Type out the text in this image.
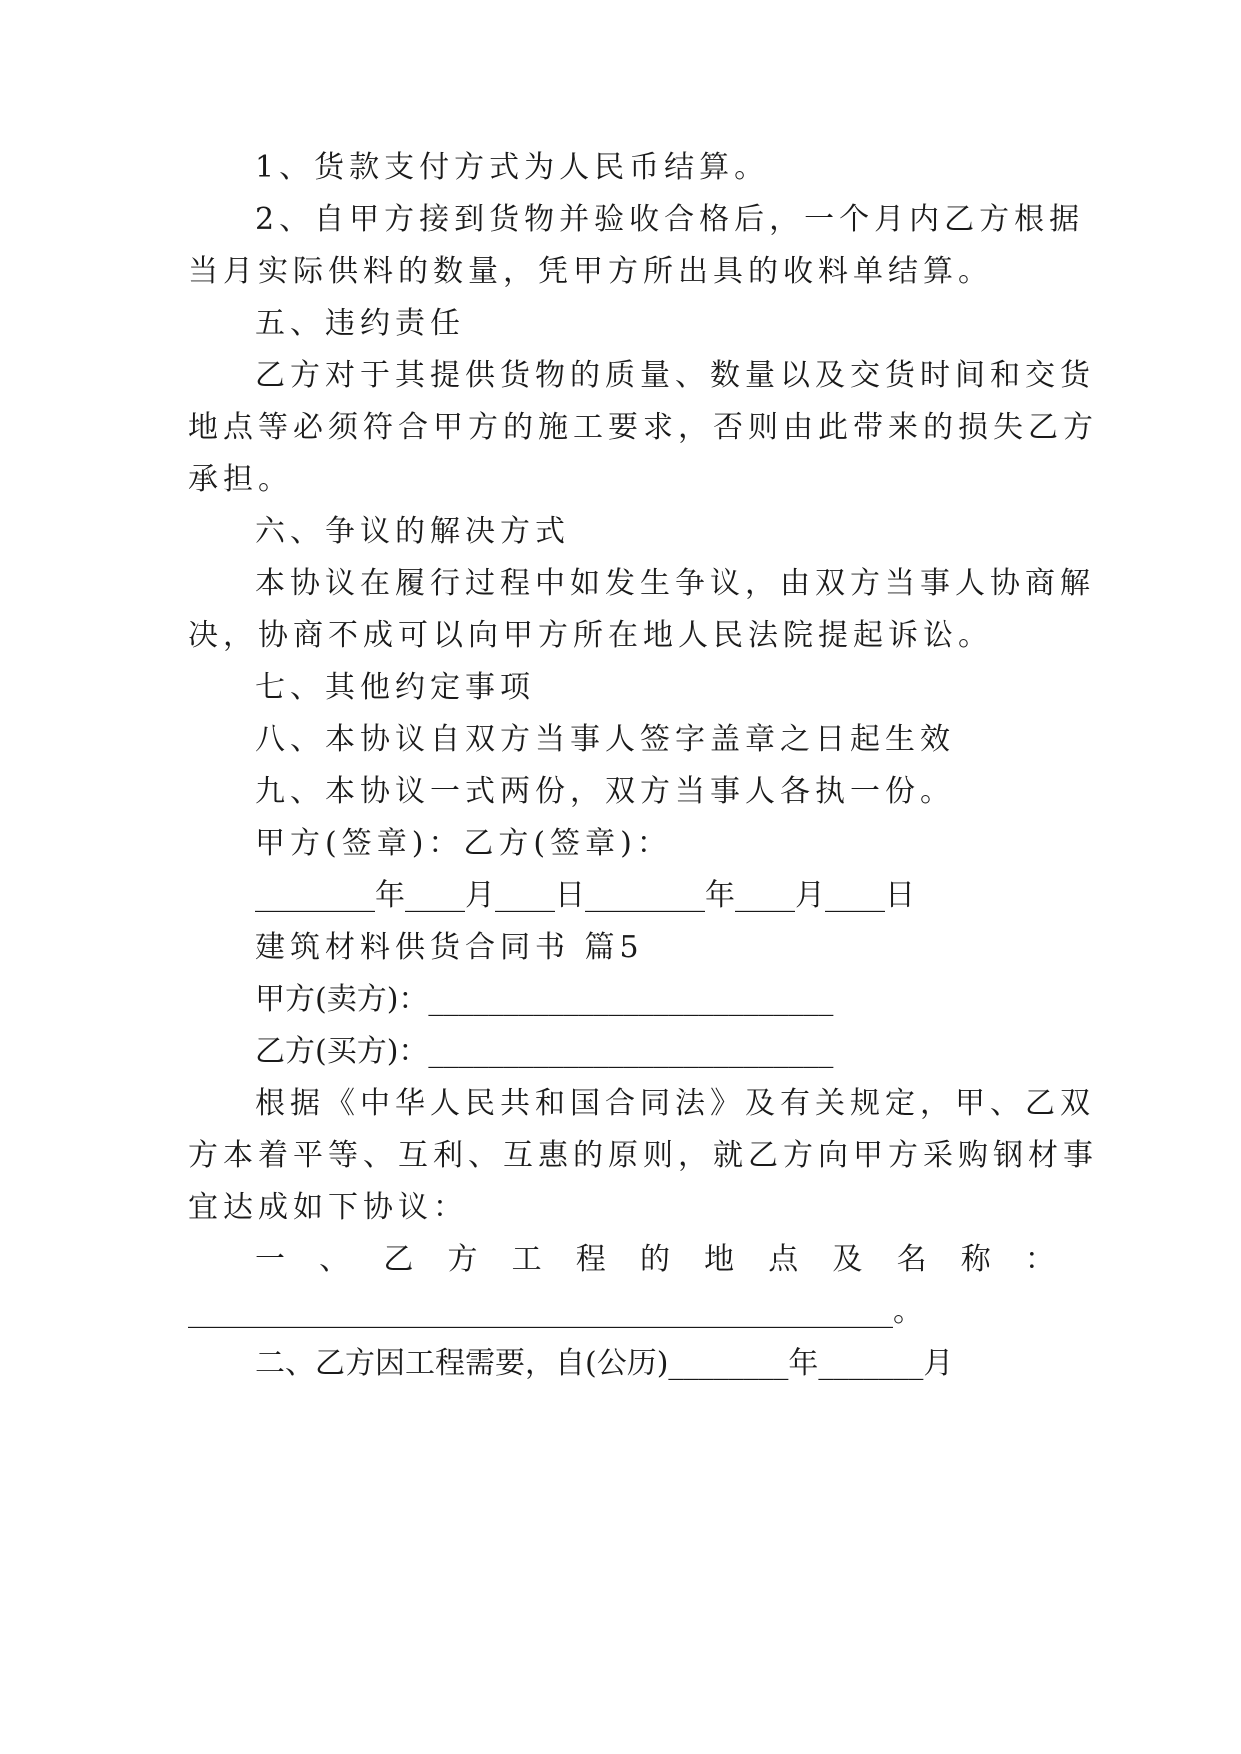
1、货款支付方式为人民币结算。
2、自甲方接到货物并验收合格后，一个月内乙方根据
当月实际供料的数量，凭甲方所出具的收料单结算。
五、违约责任
乙方对于其提供货物的质量、数量以及交货时间和交货
地点等必须符合甲方的施工要求，否则由此带来的损失乙方
承担。
六、争议的解决方式
本协议在履行过程中如发生争议，由双方当事人协商解
决，协商不成可以向甲方所在地人民法院提起诉讼。
七、其他约定事项
八、本协议自双方当事人签字盖章之日起生效
九、本协议一式两份，双方当事人各执一份。
甲方(签章)：乙方(签章)：
________年____月____日________年____月____日
建筑材料供货合同书 篇5
甲方(卖方)：___________________________
乙方(买方)：___________________________
根据《中华人民共和国合同法》及有关规定，甲、乙双
方本着平等、互利、互惠的原则，就乙方向甲方采购钢材事
宜达成如下协议：
一 、 乙 方 工 程 的 地 点 及 名 称 ：
_______________________________________________。
二、乙方因工程需要，自(公历)________年_______月
